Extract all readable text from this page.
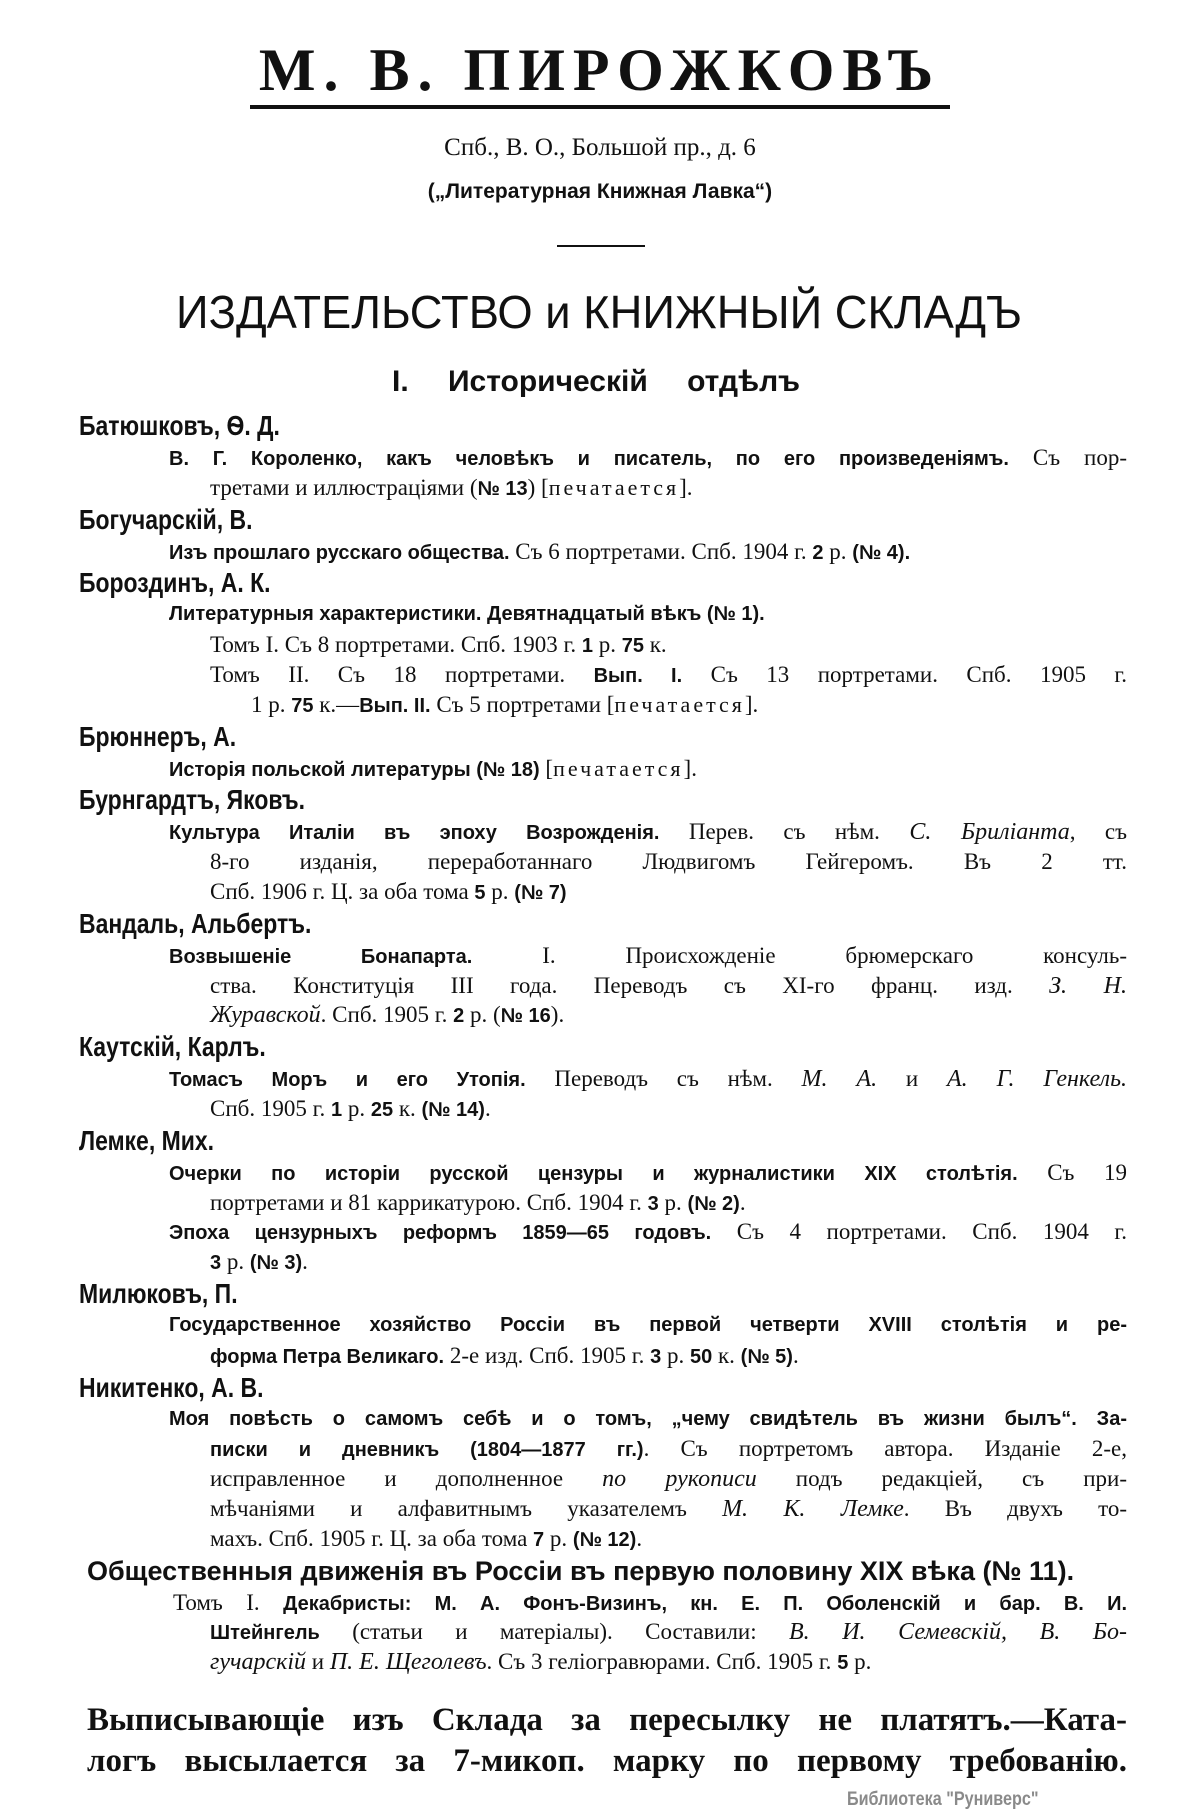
М. В. ПИРОЖКОВЪ
Спб., В. О., Большой пр., д. 6
(„Литературная Книжная Лавка“)
ИЗДАТЕЛЬСТВО и КНИЖНЫЙ СКЛАДЪ
I. Историческій отдѣлъ
Батюшковъ, Ѳ. Д.
В. Г. Короленко, какъ человѣкъ и писатель, по его произведеніямъ. Съ пор-
третами и иллюстраціями (№ 13) [печатается].
Богучарскій, В.
Изъ прошлаго русскаго общества. Съ 6 портретами. Спб. 1904 г. 2 р. (№ 4).
Бороздинъ, А. К.
Литературныя характеристики. Девятнадцатый вѣкъ (№ 1).
Томъ I. Съ 8 портретами. Спб. 1903 г. 1 р. 75 к.
Томъ II. Съ 18 портретами. Вып. I. Съ 13 портретами. Спб. 1905 г.
1 р. 75 к.—Вып. II. Съ 5 портретами [печатается].
Брюннеръ, А.
Исторія польской литературы (№ 18) [печатается].
Бурнгардтъ, Яковъ.
Культура Италіи въ эпоху Возрожденія. Перев. съ нѣм. С. Бриліанта, съ
8-го изданія, переработаннаго Людвигомъ Гейгеромъ. Въ 2 тт.
Спб. 1906 г. Ц. за оба тома 5 р. (№ 7)
Вандаль, Альбертъ.
Возвышеніе Бонапарта. I. Происхожденіе брюмерскаго консуль-
ства. Конституція III года. Переводъ съ XI-го франц. изд. З. Н.
Журавской. Спб. 1905 г. 2 р. (№ 16).
Каутскій, Карлъ.
Томасъ Моръ и его Утопія. Переводъ съ нѣм. М. А. и А. Г. Генкель.
Спб. 1905 г. 1 р. 25 к. (№ 14).
Лемке, Мих.
Очерки по исторіи русской цензуры и журналистики XIX столѣтія. Съ 19
портретами и 81 каррикатурою. Спб. 1904 г. 3 р. (№ 2).
Эпоха цензурныхъ реформъ 1859—65 годовъ. Съ 4 портретами. Спб. 1904 г.
3 р. (№ 3).
Милюковъ, П.
Государственное хозяйство Россіи въ первой четверти XVIII столѣтія и ре-
форма Петра Великаго. 2-е изд. Спб. 1905 г. 3 р. 50 к. (№ 5).
Никитенко, А. В.
Моя повѣсть о самомъ себѣ и о томъ, „чему свидѣтель въ жизни былъ“. За-
писки и дневникъ (1804—1877 гг.). Съ портретомъ автора. Изданіе 2-е,
исправленное и дополненное по рукописи подъ редакціей, съ при-
мѣчаніями и алфавитнымъ указателемъ М. К. Лемке. Въ двухъ то-
махъ. Спб. 1905 г. Ц. за оба тома 7 р. (№ 12).
Общественныя движенія въ Россіи въ первую половину XIX вѣка (№ 11).
Томъ I. Декабристы: М. А. Фонъ-Визинъ, кн. Е. П. Оболенскій и бар. В. И.
Штейнгель (статьи и матеріалы). Составили: В. И. Семевскій, В. Бо-
гучарскій и П. Е. Щеголевъ. Съ 3 геліогравюрами. Спб. 1905 г. 5 р.
Выписывающіе изъ Склада за пересылку не платятъ.—Ката-
логъ высылается за 7-микоп. марку по первому требованію.
Библиотека "Руниверс"
